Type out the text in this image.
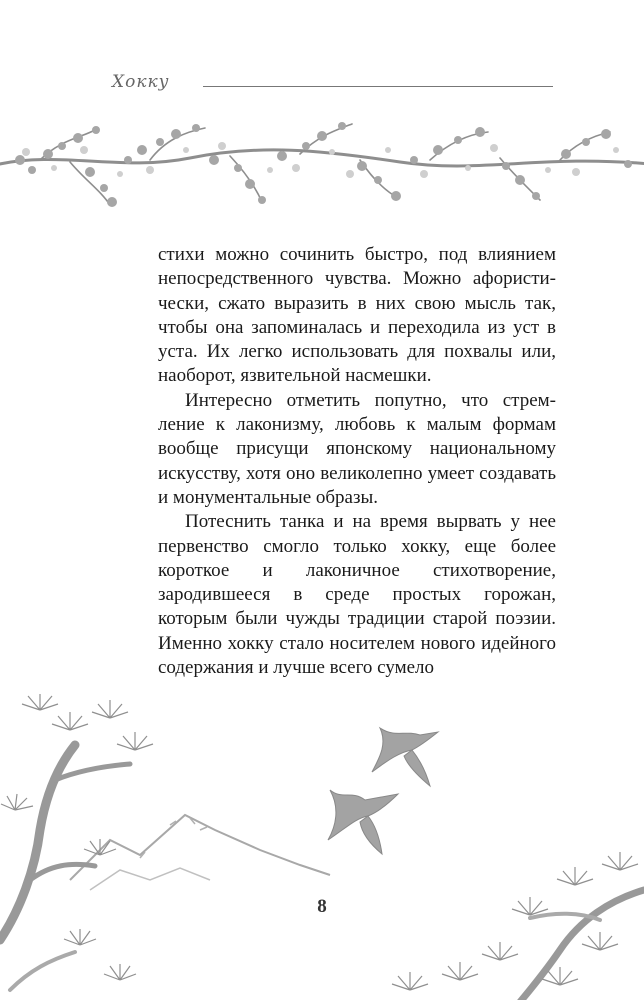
Хокку

стихи можно сочинить быстро, под влиянием непосредственного чувства. Можно афористически, сжато выразить в них свою мысль так, чтобы она запоминалась и переходила из уст в уста. Их легко использовать для похвалы или, наоборот, язвительной насмешки.

Интересно отметить попутно, что стремление к лаконизму, любовь к малым формам вообще присущи японскому национальному искусству, хотя оно великолепно умеет создавать и монументальные образы.

Потеснить танка и на время вырвать у нее первенство смогло только хокку, еще более короткое и лаконичное стихотворение, зародившееся в среде простых горожан, которым были чужды традиции старой поэзии. Именно хокку стало носителем нового идейного содержания и лучше всего сумело

8
